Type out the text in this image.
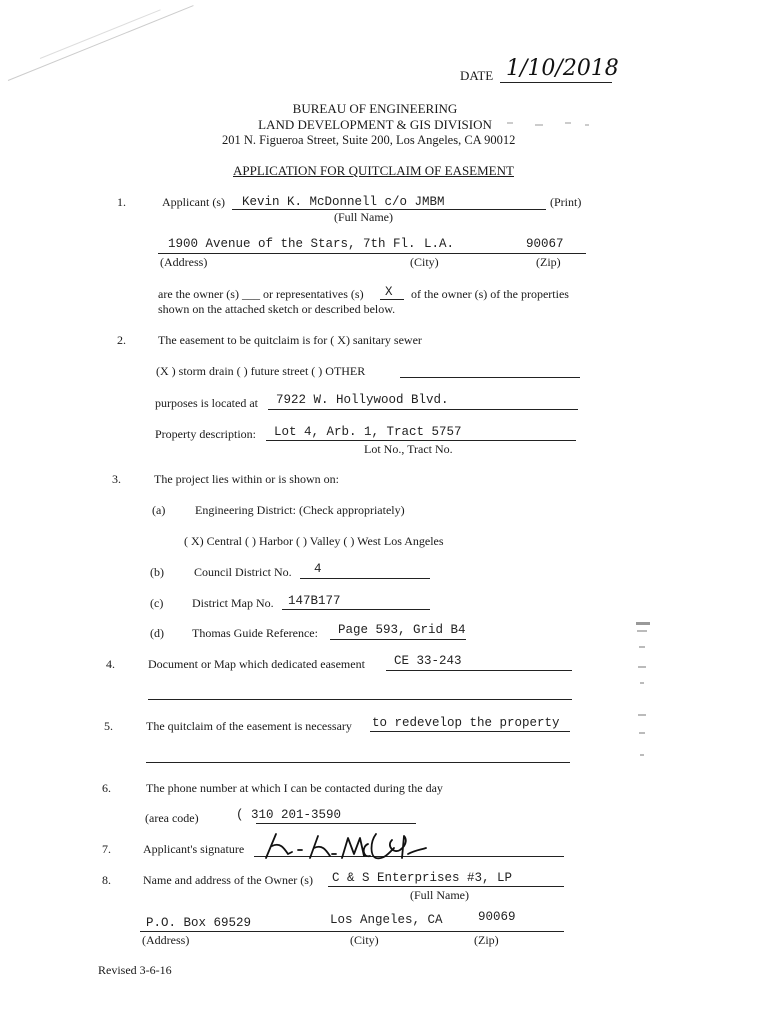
DATE 1/10/2018
BUREAU OF ENGINEERING
LAND DEVELOPMENT & GIS DIVISION
201 N. Figueroa Street, Suite 200, Los Angeles, CA 90012
APPLICATION FOR QUITCLAIM OF EASEMENT
1.	Applicant (s) Kevin K. McDonnell c/o JMBM	(Print)
(Full Name)
1900 Avenue of the Stars, 7th Fl. L.A.	90067
(Address)	(City)	(Zip)
are the owner (s) ___ or representatives (s) X of the owner (s) of the properties
shown on the attached sketch or described below.
2.	The easement to be quitclaim is for ( X) sanitary sewer
(X ) storm drain ( ) future street ( ) OTHER
purposes is located at 7922 W. Hollywood Blvd.
Property description: Lot 4, Arb. 1, Tract 5757
Lot No., Tract No.
3.	The project lies within or is shown on:
(a) Engineering District: (Check appropriately)
( X) Central ( ) Harbor ( ) Valley ( ) West Los Angeles
(b)	Council District No. 4
(c) District Map No. 147B177
(d) Thomas Guide Reference: Page 593, Grid B4
4.	Document or Map which dedicated easement CE 33-243
5.	The quitclaim of the easement is necessary to redevelop the property
6.	The phone number at which I can be contacted during the day
(area code)	( 310 201-3590
7.	Applicant's signature
8.	Name and address of the Owner (s) C & S Enterprises #3, LP
(Full Name)
P.O. Box 69529	Los Angeles, CA	90069
(Address)	(City)	(Zip)
Revised 3-6-16
